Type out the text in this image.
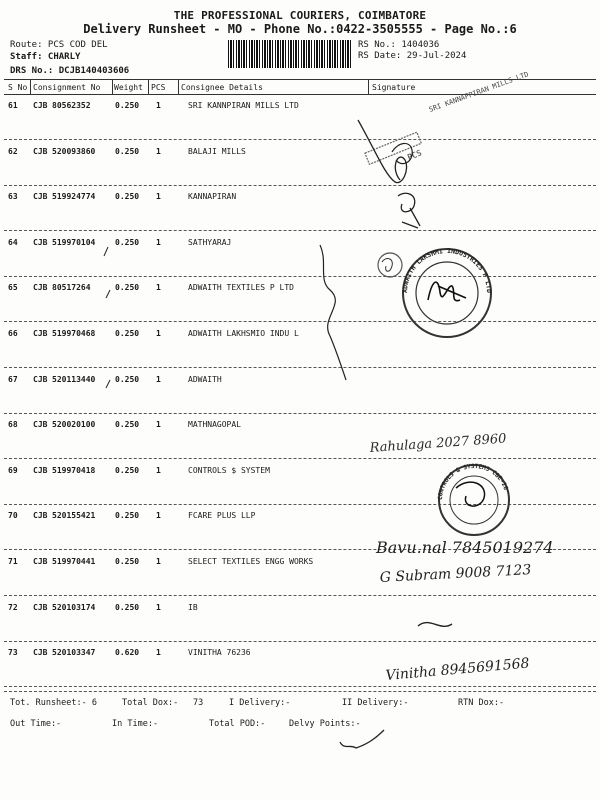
THE PROFESSIONAL COURIERS, COIMBATORE
Delivery Runsheet - MO - Phone No.:0422-3505555 - Page No.:6
Route: PCS COD DEL
Staff: CHARLY
DRS No.: DCJB140403606
RS No.: 1404036
RS Date: 29-Jul-2024
S No Consignment No Weight PCS Consignee Details	Signature
61 CJB 80562352	0.250 1	SRI KANNPIRAN MILLS LTD
62 CJB 520093860 0.250 1	BALAJI MILLS
63 CJB 519924774 0.250 1	KANNAPIRAN
64 CJB 519970104 0.250 1	SATHYARAJ
65 CJB 80517264	0.250 1	ADWAITH TEXTILES P LTD
66 CJB 519970468 0.250 1	ADWAITH LAKHSMIO INDU L
67 CJB 520113440 0.250 1	ADWAITH
68 CJB 520020100 0.250 1	MATHNAGOPAL
69 CJB 519970418 0.250 1	CONTROLS $ SYSTEM
70 CJB 520155421 0.250 1	FCARE PLUS LLP
71 CJB 519970441 0.250 1	SELECT TEXTILES ENGG WORKS
72 CJB 520103174 0.250 1	IB
73 CJB 520103347 0.620 1	VINITHA 76236
Tot. Runsheet:- 6	Total Dox:- 73	I Delivery:-	II Delivery:-	RTN Dox:-
Out Time:-	In Time:-	Total POD:-	Delvy Points:-
SRI KANNAPPIRAN MILLS LTD
PCS
ADWAITH LAKSHMI INDUSTRIES P LTD
Rahulaga 2027 8960
CONTROLS & SYSTEMS CBE-28
Bavu.nal 7845019274
G Subram 9008 7123
Vinitha 8945691568
